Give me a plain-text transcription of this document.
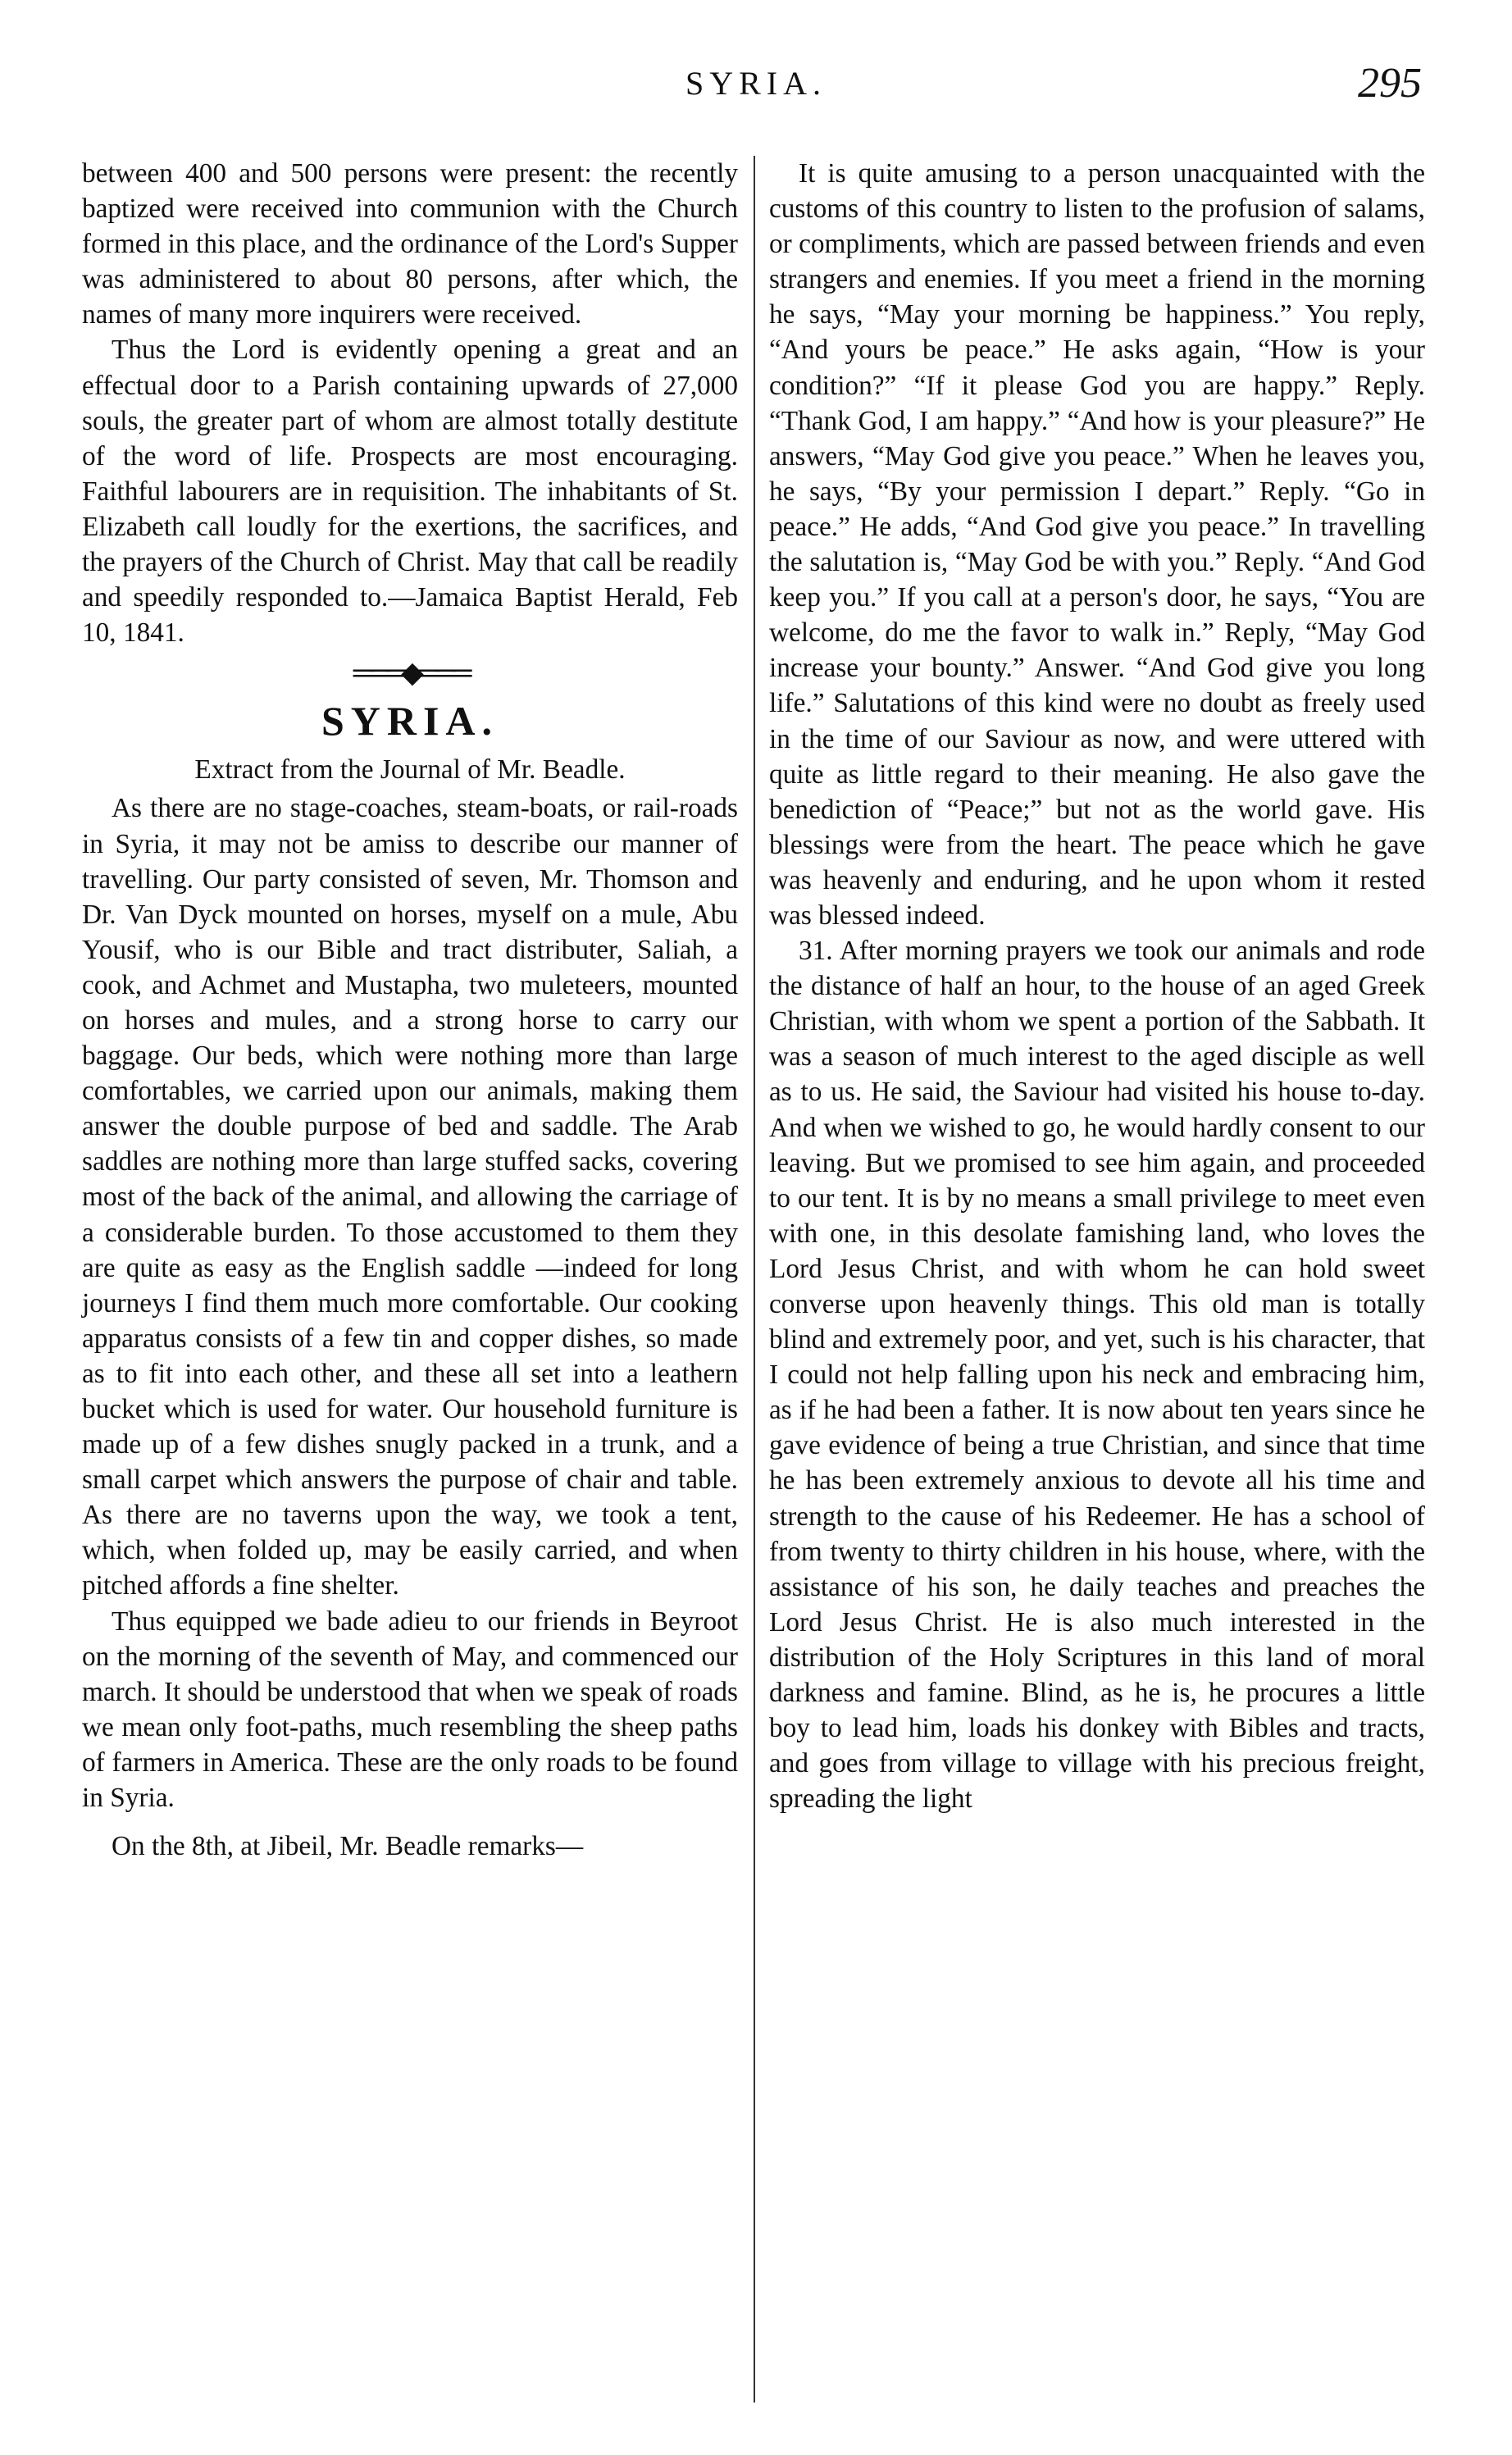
SYRIA.	295

between 400 and 500 persons were present: the recently baptized were received into communion with the Church formed in this place, and the ordinance of the Lord's Supper was administered to about 80 persons, after which, the names of many more inquirers were received.

Thus the Lord is evidently opening a great and an effectual door to a Parish containing upwards of 27,000 souls, the greater part of whom are almost totally destitute of the word of life. Prospects are most encouraging. Faithful labourers are in requisition. The inhabitants of St. Elizabeth call loudly for the exertions, the sacrifices, and the prayers of the Church of Christ. May that call be readily and speedily responded to.—Jamaica Baptist Herald, Feb 10, 1841.

═══◆═══
SYRIA.
Extract from the Journal of Mr. Beadle.

As there are no stage-coaches, steam-boats, or rail-roads in Syria, it may not be amiss to describe our manner of travelling. Our party consisted of seven, Mr. Thomson and Dr. Van Dyck mounted on horses, myself on a mule, Abu Yousif, who is our Bible and tract distributer, Saliah, a cook, and Achmet and Mustapha, two muleteers, mounted on horses and mules, and a strong horse to carry our baggage. Our beds, which were nothing more than large comfortables, we carried upon our animals, making them answer the double purpose of bed and saddle. The Arab saddles are nothing more than large stuffed sacks, covering most of the back of the animal, and allowing the carriage of a considerable burden. To those accustomed to them they are quite as easy as the English saddle —indeed for long journeys I find them much more comfortable. Our cooking apparatus consists of a few tin and copper dishes, so made as to fit into each other, and these all set into a leathern bucket which is used for water. Our household furniture is made up of a few dishes snugly packed in a trunk, and a small carpet which answers the purpose of chair and table. As there are no taverns upon the way, we took a tent, which, when folded up, may be easily carried, and when pitched affords a fine shelter.

Thus equipped we bade adieu to our friends in Beyroot on the morning of the seventh of May, and commenced our march. It should be understood that when we speak of roads we mean only foot-paths, much resembling the sheep paths of farmers in America. These are the only roads to be found in Syria.

On the 8th, at Jibeil, Mr. Beadle remarks—

It is quite amusing to a person unacquainted with the customs of this country to listen to the profusion of salams, or compliments, which are passed between friends and even strangers and enemies. If you meet a friend in the morning he says, “May your morning be happiness.” You reply, “And yours be peace.” He asks again, “How is your condition?” “If it please God you are happy.” Reply. “Thank God, I am happy.” “And how is your pleasure?” He answers, “May God give you peace.” When he leaves you, he says, “By your permission I depart.” Reply. “Go in peace.” He adds, “And God give you peace.” In travelling the salutation is, “May God be with you.” Reply. “And God keep you.” If you call at a person's door, he says, “You are welcome, do me the favor to walk in.” Reply, “May God increase your bounty.” Answer. “And God give you long life.” Salutations of this kind were no doubt as freely used in the time of our Saviour as now, and were uttered with quite as little regard to their meaning. He also gave the benediction of “Peace;” but not as the world gave. His blessings were from the heart. The peace which he gave was heavenly and enduring, and he upon whom it rested was blessed indeed.

31. After morning prayers we took our animals and rode the distance of half an hour, to the house of an aged Greek Christian, with whom we spent a portion of the Sabbath. It was a season of much interest to the aged disciple as well as to us. He said, the Saviour had visited his house to-day. And when we wished to go, he would hardly consent to our leaving. But we promised to see him again, and proceeded to our tent. It is by no means a small privilege to meet even with one, in this desolate famishing land, who loves the Lord Jesus Christ, and with whom he can hold sweet converse upon heavenly things. This old man is totally blind and extremely poor, and yet, such is his character, that I could not help falling upon his neck and embracing him, as if he had been a father. It is now about ten years since he gave evidence of being a true Christian, and since that time he has been extremely anxious to devote all his time and strength to the cause of his Redeemer. He has a school of from twenty to thirty children in his house, where, with the assistance of his son, he daily teaches and preaches the Lord Jesus Christ. He is also much interested in the distribution of the Holy Scriptures in this land of moral darkness and famine. Blind, as he is, he procures a little boy to lead him, loads his donkey with Bibles and tracts, and goes from village to village with his precious freight, spreading the light
